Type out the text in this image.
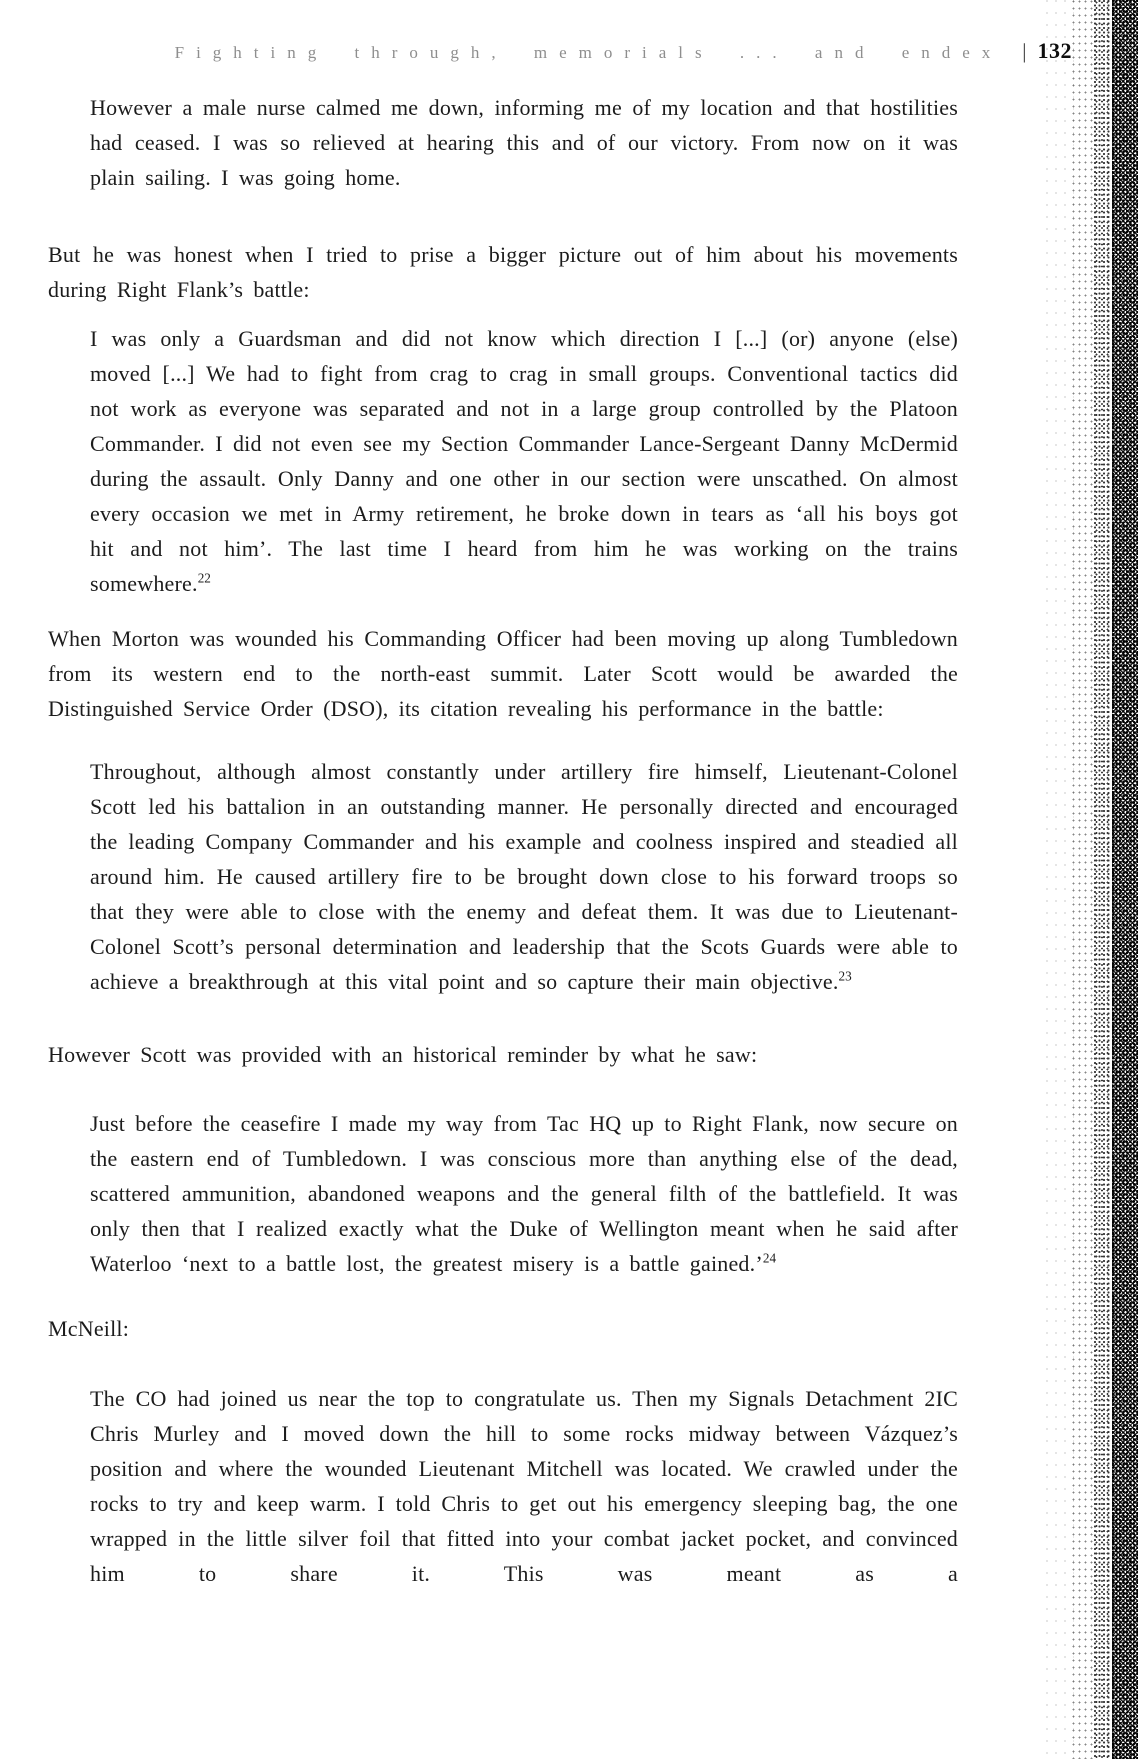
Fighting through, memorials ... and endex | 132

However a male nurse calmed me down, informing me of my location and that hostilities had ceased. I was so relieved at hearing this and of our victory. From now on it was plain sailing. I was going home.

But he was honest when I tried to prise a bigger picture out of him about his movements during Right Flank’s battle:

I was only a Guardsman and did not know which direction I [...] (or) anyone (else) moved [...] We had to fight from crag to crag in small groups. Conventional tactics did not work as everyone was separated and not in a large group controlled by the Platoon Commander. I did not even see my Section Commander Lance-Sergeant Danny McDermid during the assault. Only Danny and one other in our section were unscathed. On almost every occasion we met in Army retirement, he broke down in tears as ‘all his boys got hit and not him’. The last time I heard from him he was working on the trains somewhere.$^{22}$

When Morton was wounded his Commanding Officer had been moving up along Tumbledown from its western end to the north-east summit. Later Scott would be awarded the Distinguished Service Order (DSO), its citation revealing his performance in the battle:

Throughout, although almost constantly under artillery fire himself, Lieutenant-Colonel Scott led his battalion in an outstanding manner. He personally directed and encouraged the leading Company Commander and his example and coolness inspired and steadied all around him. He caused artillery fire to be brought down close to his forward troops so that they were able to close with the enemy and defeat them. It was due to Lieutenant-Colonel Scott’s personal determination and leadership that the Scots Guards were able to achieve a breakthrough at this vital point and so capture their main objective.$^{23}$

However Scott was provided with an historical reminder by what he saw:

Just before the ceasefire I made my way from Tac HQ up to Right Flank, now secure on the eastern end of Tumbledown. I was conscious more than anything else of the dead, scattered ammunition, abandoned weapons and the general filth of the battlefield. It was only then that I realized exactly what the Duke of Wellington meant when he said after Waterloo ‘next to a battle lost, the greatest misery is a battle gained.’$^{24}$

McNeill:

The CO had joined us near the top to congratulate us. Then my Signals Detachment 2IC Chris Murley and I moved down the hill to some rocks midway between Vázquez’s position and where the wounded Lieutenant Mitchell was located. We crawled under the rocks to try and keep warm. I told Chris to get out his emergency sleeping bag, the one wrapped in the little silver foil that fitted into your combat jacket pocket, and convinced him to share it. This was meant as a
